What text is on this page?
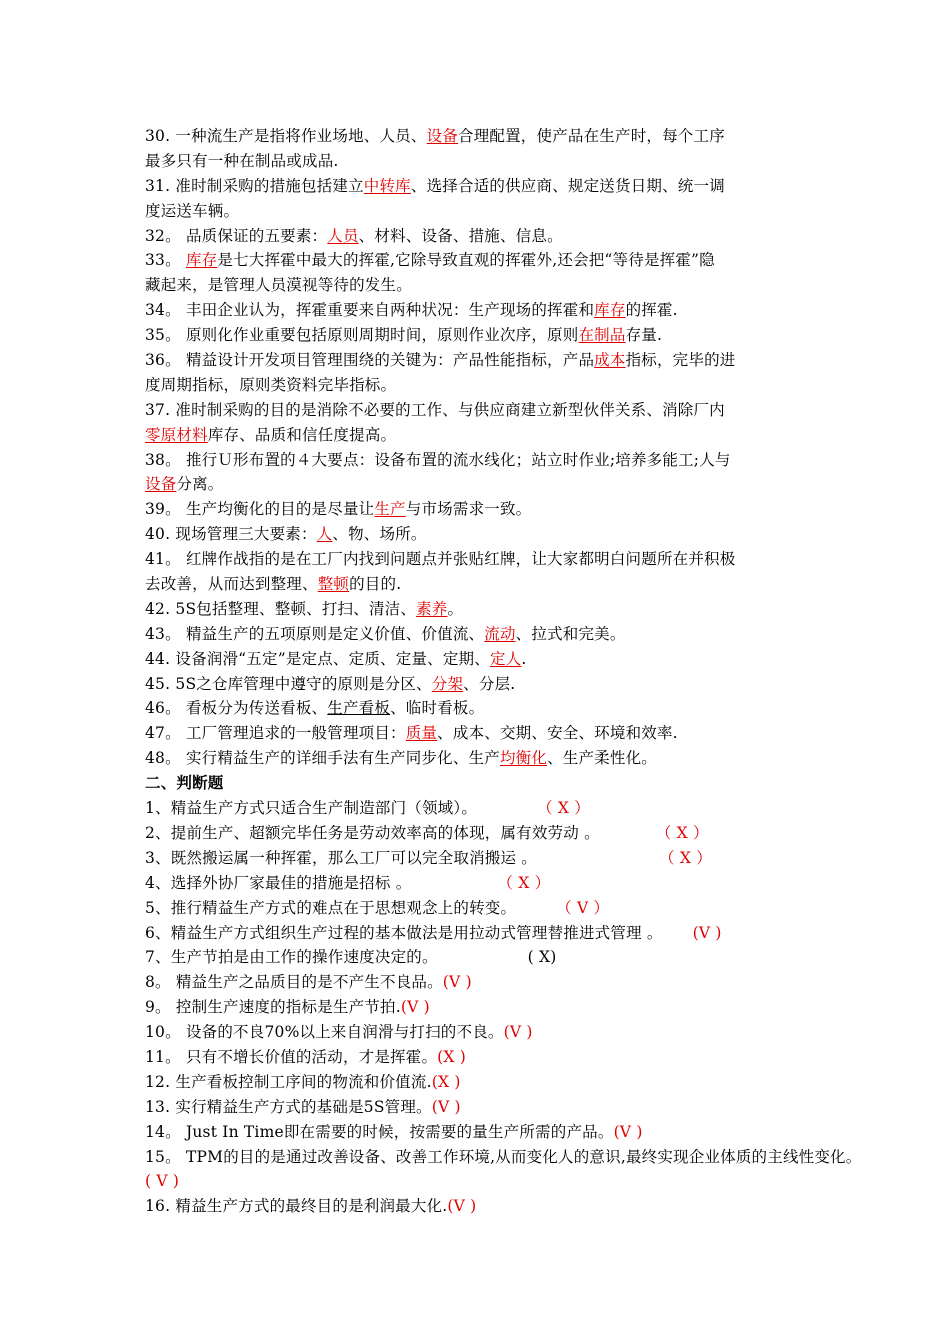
30. 一种流生产是指将作业场地、人员、设备合理配置，使产品在生产时，每个工序
最多只有一种在制品或成品.
31. 准时制采购的措施包括建立中转库、选择合适的供应商、规定送货日期、统一调
度运送车辆。
32。 品质保证的五要素：人员、材料、设备、措施、信息。
33。 库存是七大挥霍中最大的挥霍,它除导致直观的挥霍外,还会把“等待是挥霍”隐
藏起来，是管理人员漠视等待的发生。
34。 丰田企业认为，挥霍重要来自两种状况：生产现场的挥霍和库存的挥霍.
35。 原则化作业重要包括原则周期时间，原则作业次序，原则在制品存量.
36。 精益设计开发项目管理围绕的关键为：产品性能指标，产品成本指标，完毕的进
度周期指标，原则类资料完毕指标。
37. 准时制采购的目的是消除不必要的工作、与供应商建立新型伙伴关系、消除厂内
零原材料库存、品质和信任度提高。
38。 推行Ｕ形布置的４大要点：设备布置的流水线化；站立时作业;培养多能工;人与
设备分离。
39。 生产均衡化的目的是尽量让生产与市场需求一致。
40. 现场管理三大要素：人、物、场所。
41。 红牌作战指的是在工厂内找到问题点并张贴红牌，让大家都明白问题所在并积极
去改善，从而达到整理、整顿的目的.
42. 5S包括整理、整顿、打扫、清洁、素养。
43。 精益生产的五项原则是定义价值、价值流、流动、拉式和完美。
44. 设备润滑“五定”是定点、定质、定量、定期、定人.
45. 5S之仓库管理中遵守的原则是分区、分架、分层.
46。 看板分为传送看板、生产看板、临时看板。
47。 工厂管理追求的一般管理项目：质量、成本、交期、安全、环境和效率.
48。 实行精益生产的详细手法有生产同步化、生产均衡化、生产柔性化。
二、判断题
1、精益生产方式只适合生产制造部门（领域）。	（ X ）
2、提前生产、超额完毕任务是劳动效率高的体现，属有效劳动 。	（ X ）
3、既然搬运属一种挥霍，那么工厂可以完全取消搬运 。	（ X ）
4、选择外协厂家最佳的措施是招标 。	（ X ）
5、推行精益生产方式的难点在于思想观念上的转变。	（ V ）
6、精益生产方式组织生产过程的基本做法是用拉动式管理替推进式管理 。 (V )
7、生产节拍是由工作的操作速度决定的。	( X)
8。 精益生产之品质目的是不产生不良品。(V )
9。 控制生产速度的指标是生产节拍.(V )
10。 设备的不良70%以上来自润滑与打扫的不良。(V )
11。 只有不增长价值的活动，才是挥霍。(X )
12. 生产看板控制工序间的物流和价值流.(X )
13. 实行精益生产方式的基础是5S管理。(V )
14。 Just In Time即在需要的时候，按需要的量生产所需的产品。(V )
15。 TPM的目的是通过改善设备、改善工作环境,从而变化人的意识,最终实现企业体质的主线性变化。
( V )
16. 精益生产方式的最终目的是利润最大化.(V )
